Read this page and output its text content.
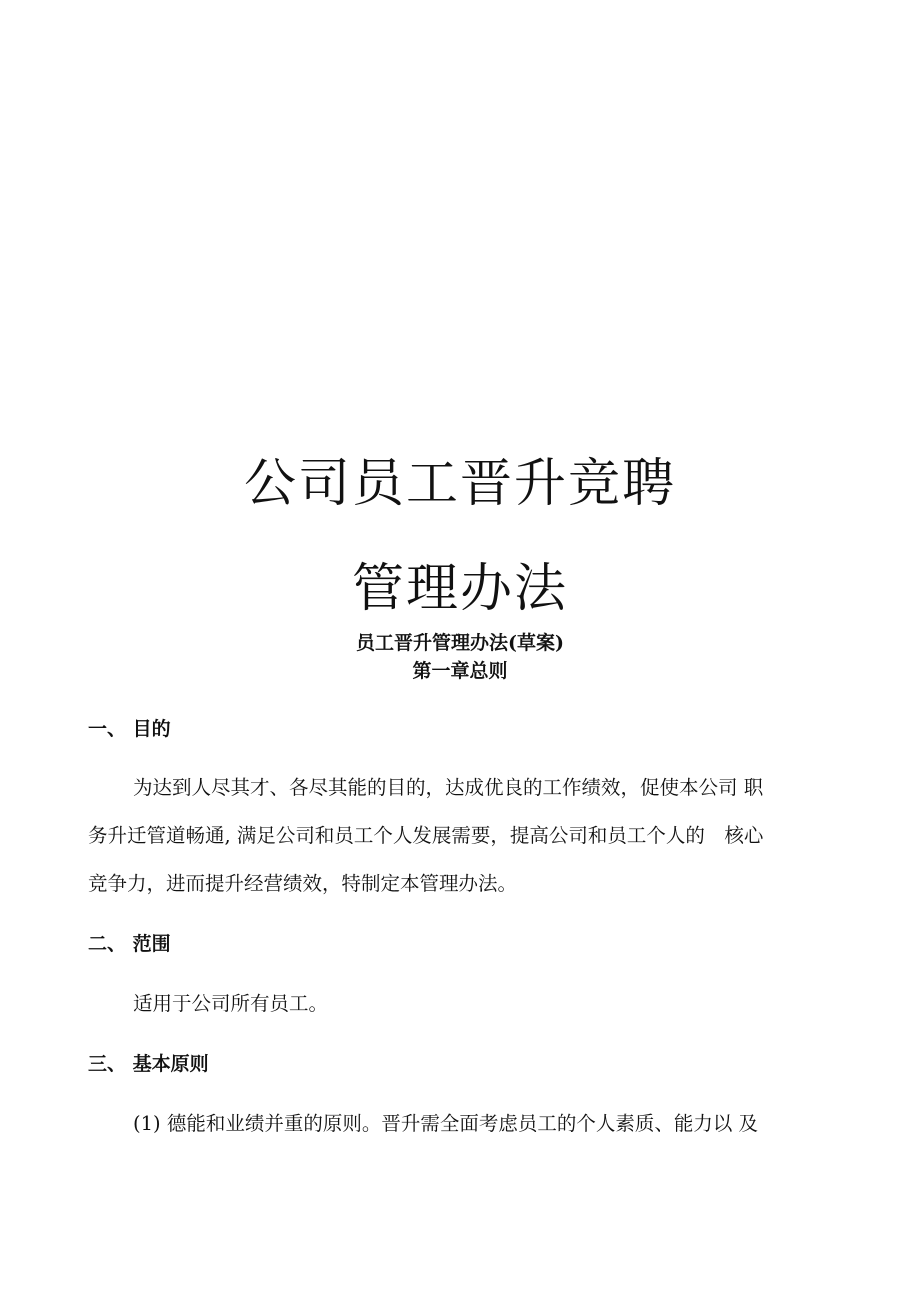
公司员工晋升竞聘
管理办法
员工晋升管理办法(草案)
第一章总则
一、 目的
为达到人尽其才、各尽其能的目的，达成优良的工作绩效，促使本公司 职
务升迁管道畅通, 满足公司和员工个人发展需要，提高公司和员工个人的　核心
竞争力，进而提升经营绩效，特制定本管理办法。
二、 范围
适用于公司所有员工。
三、 基本原则
(1) 德能和业绩并重的原则。晋升需全面考虑员工的个人素质、能力以 及
